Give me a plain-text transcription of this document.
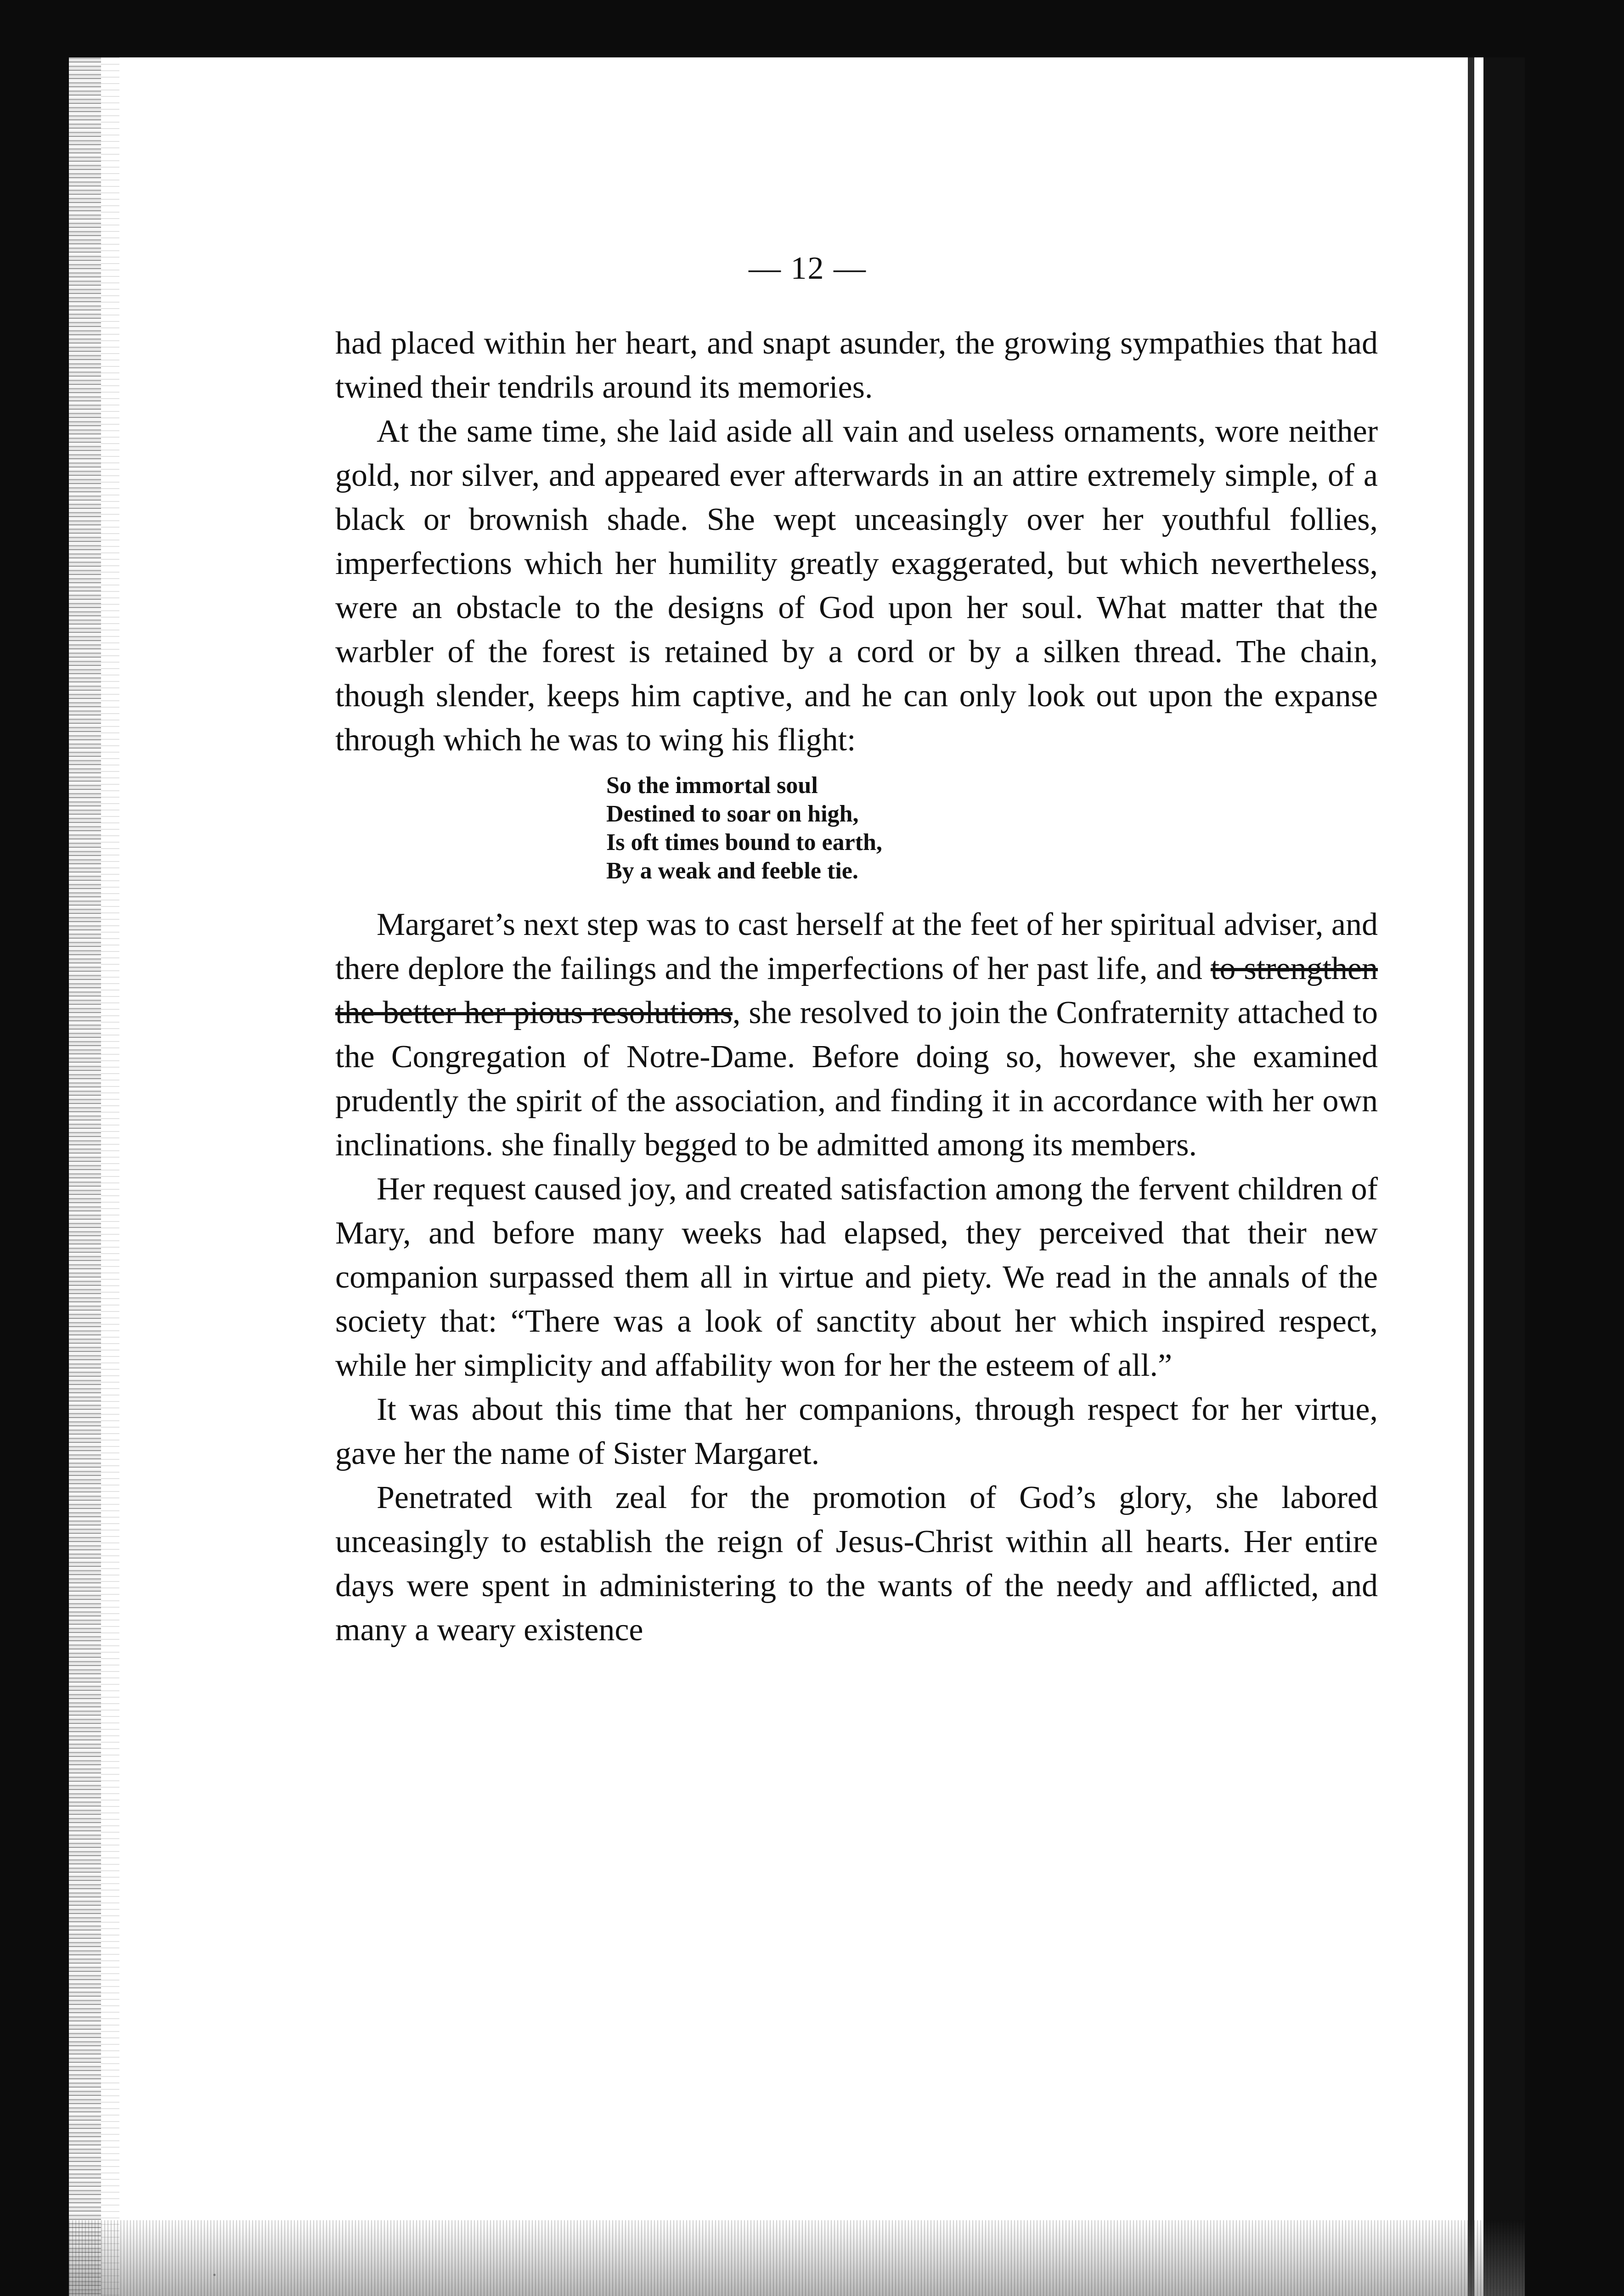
— 12 —

had placed within her heart, and snapt asunder, the growing sympathies that had twined their tendrils around its memories.

At the same time, she laid aside all vain and useless ornaments, wore neither gold, nor silver, and appeared ever afterwards in an attire extremely simple, of a black or brownish shade. She wept unceasingly over her youthful follies, imperfections which her humility greatly exaggerated, but which nevertheless, were an obstacle to the designs of God upon her soul. What matter that the warbler of the forest is retained by a cord or by a silken thread. The chain, though slender, keeps him captive, and he can only look out upon the expanse through which he was to wing his flight:

So the immortal soul
Destined to soar on high,
Is oft times bound to earth,
By a weak and feeble tie.

Margaret’s next step was to cast herself at the feet of her spiritual adviser, and there deplore the failings and the imperfections of her past life, and to strengthen the better her pious resolutions, she resolved to join the Confraternity attached to the Congregation of Notre-Dame. Before doing so, however, she examined prudently the spirit of the association, and finding it in accordance with her own inclinations. she finally begged to be admitted among its members.

Her request caused joy, and created satisfaction among the fervent children of Mary, and before many weeks had elapsed, they perceived that their new companion surpassed them all in virtue and piety. We read in the annals of the society that: “There was a look of sanctity about her which inspired respect, while her simplicity and affability won for her the esteem of all.”

It was about this time that her companions, through respect for her virtue, gave her the name of Sister Margaret.

Penetrated with zeal for the promotion of God’s glory, she labored unceasingly to establish the reign of Jesus-Christ within all hearts. Her entire days were spent in administering to the wants of the needy and afflicted, and many a weary existence
